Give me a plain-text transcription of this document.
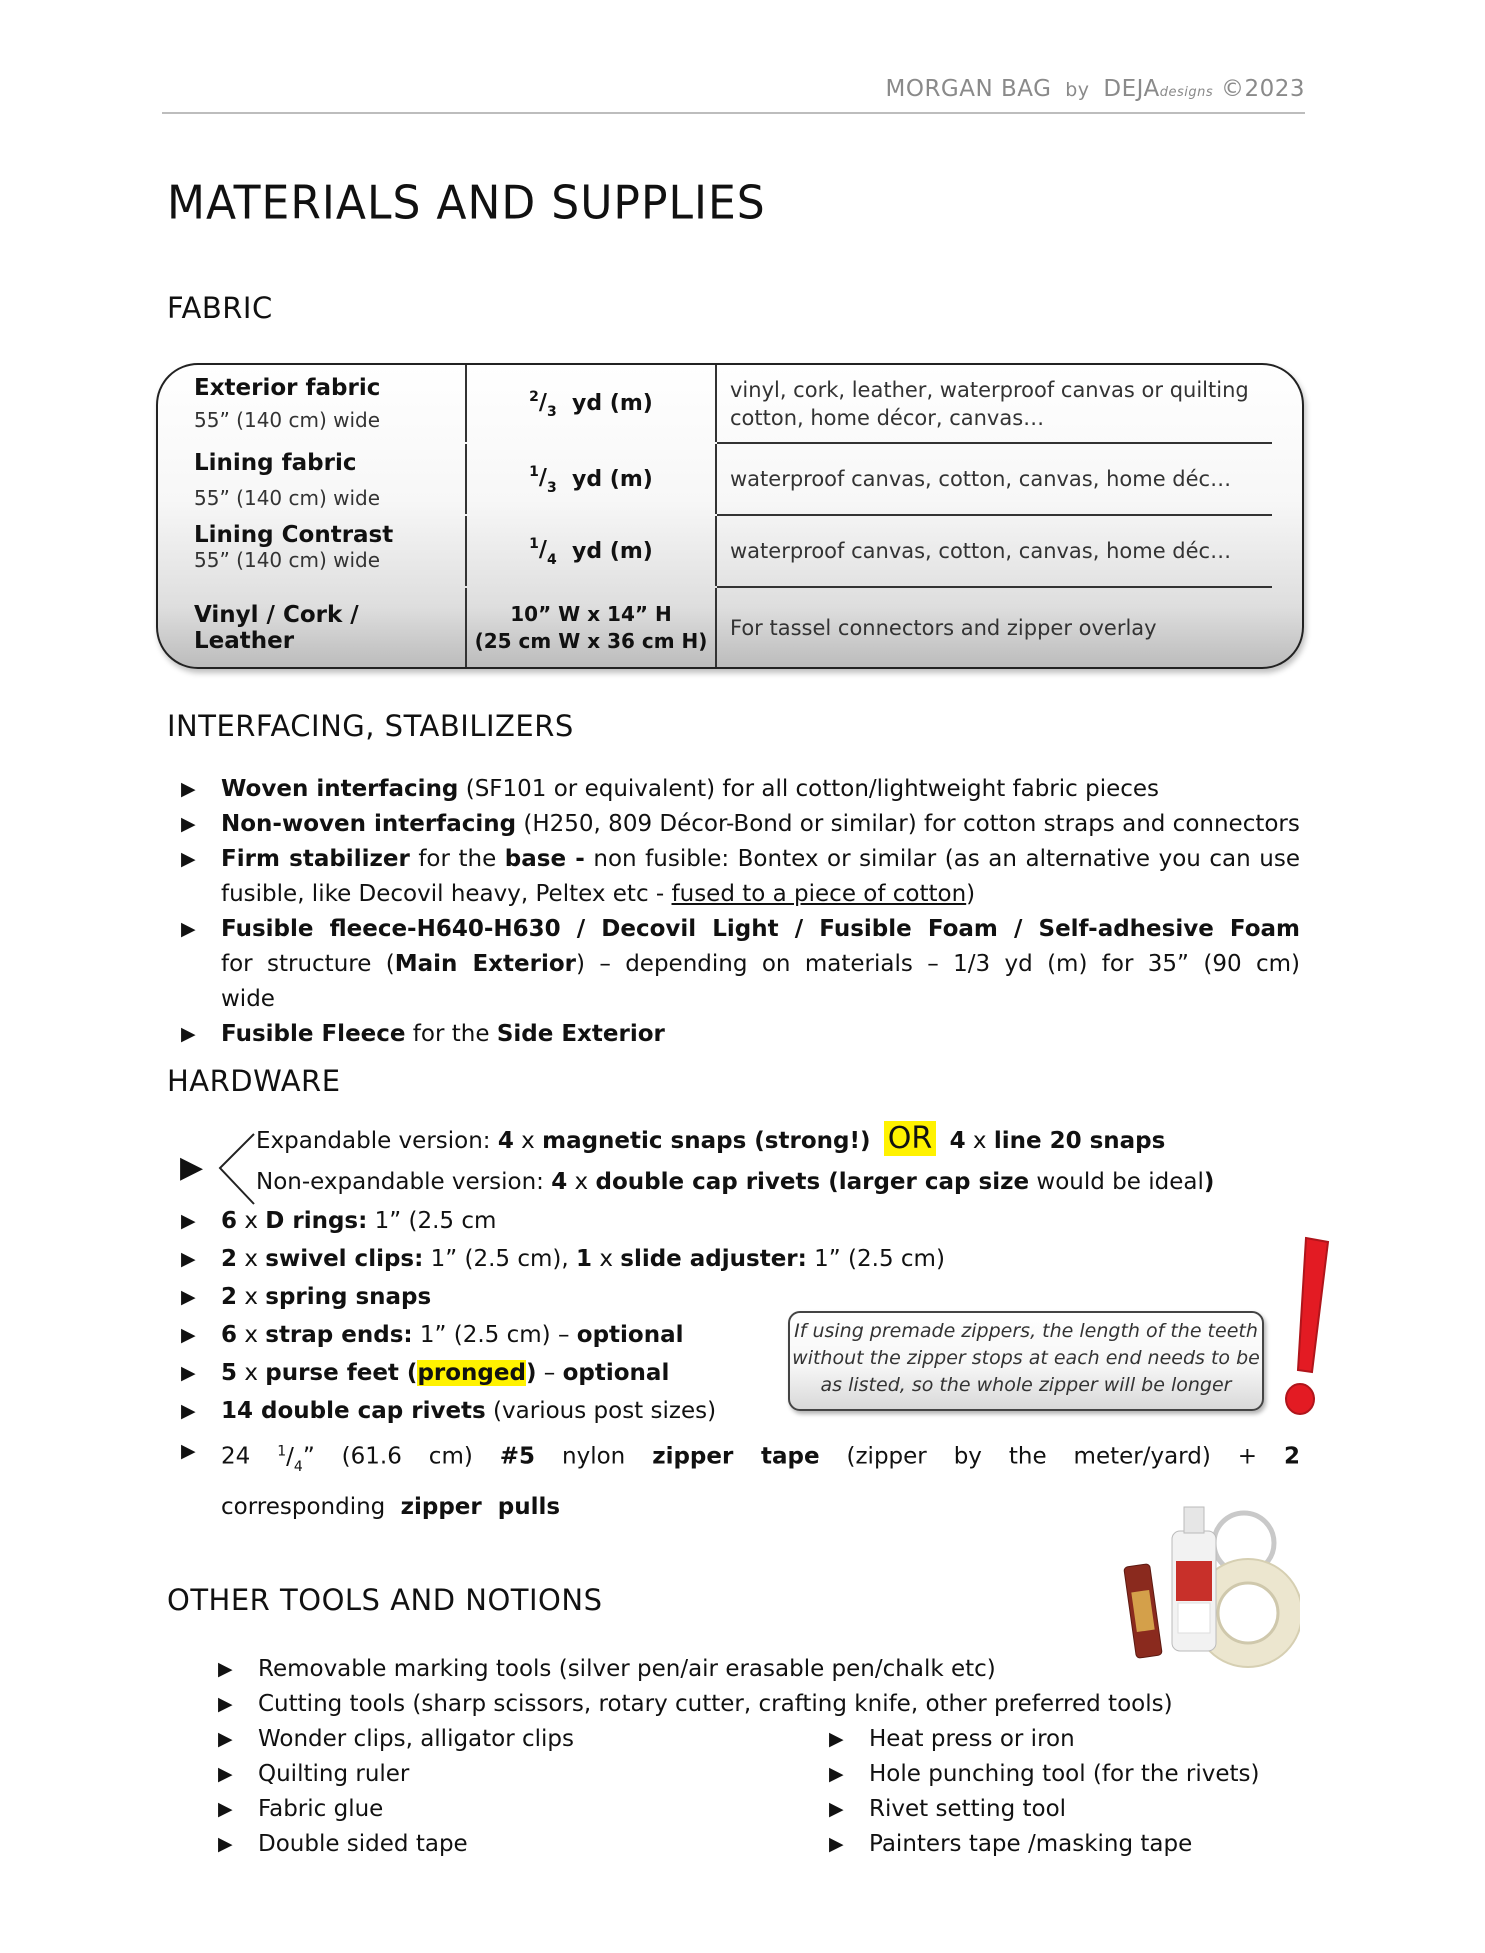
MORGAN BAG by DEJAdesigns ©2023
MATERIALS AND SUPPLIES
FABRIC
Exterior fabric
55” (140 cm) wide
$^2/_3$
yd (m)
vinyl, cork, leather, waterproof canvas or quilting cotton, home décor, canvas…
Lining fabric
55” (140 cm) wide
$^1/_3$
yd (m)	waterproof canvas, cotton, canvas, home déc…
Lining Contrast
55” (140 cm) wide
$^1/_4$
yd (m)	waterproof canvas, cotton, canvas, home déc…
Vinyl / Cork / Leather
10” W x 14” H
(25 cm W x 36 cm H)
For tassel connectors and zipper overlay
INTERFACING, STABILIZERS
▶ Woven interfacing (SF101 or equivalent) for all cotton/lightweight fabric pieces
▶ Non-woven interfacing (H250, 809 Décor-Bond or similar) for cotton straps and connectors
▶ Firm stabilizer for the base - non fusible: Bontex or similar (as an alternative you can use fusible, like Decovil heavy, Peltex etc - fused to a piece of cotton)
▶ Fusible fleece-H640-H630 / Decovil Light / Fusible Foam / Self-adhesive Foam for structure (Main Exterior) – depending on materials – 1/3 yd (m) for 35” (90 cm) wide
▶ Fusible Fleece for the Side Exterior
HARDWARE
▶
Expandable version: 4 x magnetic snaps (strong!) OR 4 x line 20 snaps
Non-expandable version: 4 x double cap rivets (larger cap size would be ideal)
▶ 6 x D rings: 1” (2.5 cm
▶ 2 x swivel clips: 1” (2.5 cm), 1 x slide adjuster: 1” (2.5 cm)
▶ 2 x spring snaps
▶ 6 x strap ends: 1” (2.5 cm) – optional
▶ 5 x purse feet (pronged) – optional
▶ 14 double cap rivets (various post sizes)
▶ 24 $^1/_4$” (61.6 cm) #5 nylon zipper tape (zipper by the meter/yard) + 2 corresponding zipper pulls
If using premade zippers, the length of the teeth without the zipper stops at each end needs to be as listed, so the whole zipper will be longer
OTHER TOOLS AND NOTIONS
▶ Removable marking tools (silver pen/air erasable pen/chalk etc)
▶ Cutting tools (sharp scissors, rotary cutter, crafting knife, other preferred tools)
▶ Wonder clips, alligator clips
▶ Quilting ruler
▶ Fabric glue
▶ Double sided tape
▶ Heat press or iron
▶ Hole punching tool (for the rivets)
▶ Rivet setting tool
▶ Painters tape /masking tape
